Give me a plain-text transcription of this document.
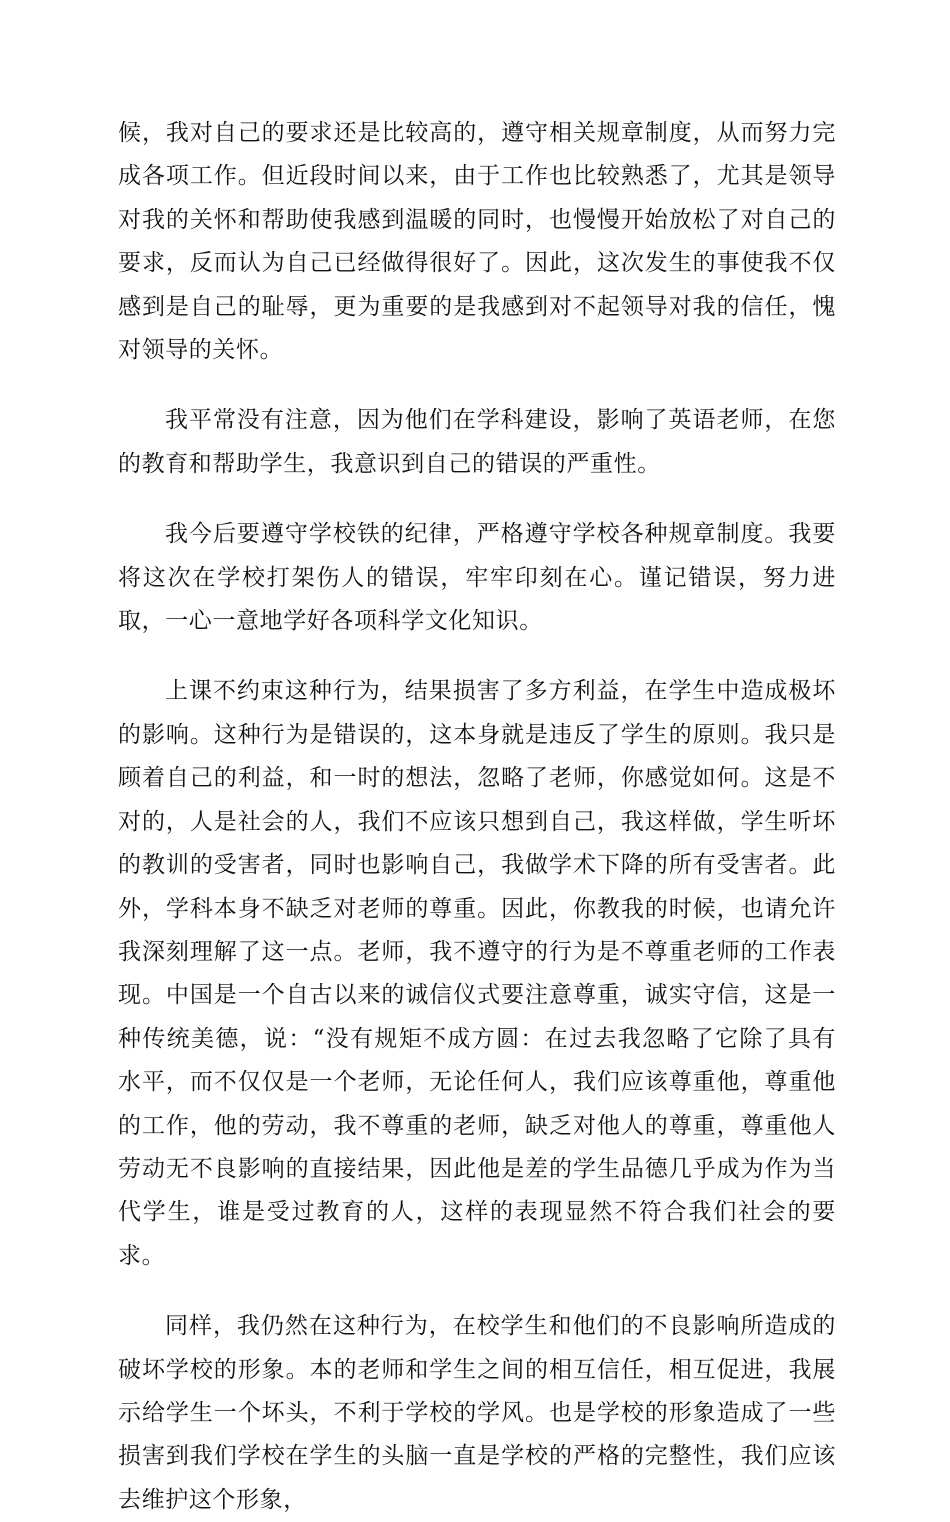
候，我对自己的要求还是比较高的，遵守相关规章制度，从而努力完成各项工作。但近段时间以来，由于工作也比较熟悉了，尤其是领导对我的关怀和帮助使我感到温暖的同时，也慢慢开始放松了对自己的要求，反而认为自己已经做得很好了。因此，这次发生的事使我不仅感到是自己的耻辱，更为重要的是我感到对不起领导对我的信任，愧对领导的关怀。

我平常没有注意，因为他们在学科建设，影响了英语老师，在您的教育和帮助学生，我意识到自己的错误的严重性。

我今后要遵守学校铁的纪律，严格遵守学校各种规章制度。我要将这次在学校打架伤人的错误，牢牢印刻在心。谨记错误，努力进取，一心一意地学好各项科学文化知识。

上课不约束这种行为，结果损害了多方利益，在学生中造成极坏的影响。这种行为是错误的，这本身就是违反了学生的原则。我只是顾着自己的利益，和一时的想法，忽略了老师，你感觉如何。这是不对的，人是社会的人，我们不应该只想到自己，我这样做，学生听坏的教训的受害者，同时也影响自己，我做学术下降的所有受害者。此外，学科本身不缺乏对老师的尊重。因此，你教我的时候，也请允许我深刻理解了这一点。老师，我不遵守的行为是不尊重老师的工作表现。中国是一个自古以来的诚信仪式要注意尊重，诚实守信，这是一种传统美德，说：“没有规矩不成方圆：在过去我忽略了它除了具有水平，而不仅仅是一个老师，无论任何人，我们应该尊重他，尊重他的工作，他的劳动，我不尊重的老师，缺乏对他人的尊重，尊重他人劳动无不良影响的直接结果，因此他是差的学生品德几乎成为作为当代学生，谁是受过教育的人，这样的表现显然不符合我们社会的要求。

同样，我仍然在这种行为，在校学生和他们的不良影响所造成的破坏学校的形象。本的老师和学生之间的相互信任，相互促进，我展示给学生一个坏头，不利于学校的学风。也是学校的形象造成了一些损害到我们学校在学生的头脑一直是学校的严格的完整性，我们应该去维护这个形象，
